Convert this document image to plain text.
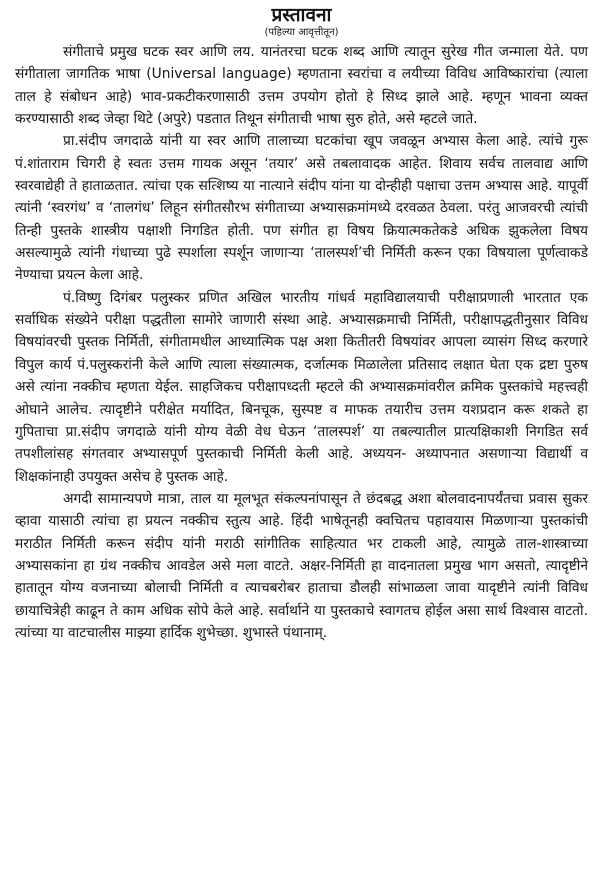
प्रस्तावना
(पहिल्या आवृत्तीतून)

संगीताचे प्रमुख घटक स्वर आणि लय. यानंतरचा घटक शब्द आणि त्यातून सुरेख गीत जन्माला येते. पण संगीताला जागतिक भाषा (Universal language) म्हणताना स्वरांचा व लयीच्या विविध आविष्कारांचा (त्याला ताल हे संबोधन आहे) भाव-प्रकटीकरणासाठी उत्तम उपयोग होतो हे सिध्द झाले आहे. म्हणून भावना व्यक्त करण्यासाठी शब्द जेव्हा थिटे (अपुरे) पडतात तिथून संगीताची भाषा सुरु होते, असे म्हटले जाते.

प्रा.संदीप जगदाळे यांनी या स्वर आणि तालाच्या घटकांचा खूप जवळून अभ्यास केला आहे. त्यांचे गुरू पं.शांताराम चिगरी हे स्वतः उत्तम गायक असून ‘तयार’ असे तबलावादक आहेत. शिवाय सर्वच तालवाद्य आणि स्वरवाद्येही ते हाताळतात. त्यांचा एक सत्शिष्य या नात्याने संदीप यांना या दोन्हीही पक्षाचा उत्तम अभ्यास आहे. यापूर्वी त्यांनी ‘स्वरगंध’ व ‘तालगंध’ लिहून संगीतसौरभ संगीताच्या अभ्यासक्रमांमध्ये दरवळत ठेवला. परंतु आजवरची त्यांची तिन्ही पुस्तके शास्त्रीय पक्षाशी निगडित होती. पण संगीत हा विषय क्रियात्मकतेकडे अधिक झुकलेला विषय असल्यामुळे त्यांनी गंधाच्या पुढे स्पर्शाला स्पर्शून जाणाऱ्या ‘तालस्पर्श’ची निर्मिती करून एका विषयाला पूर्णत्वाकडे नेण्याचा प्रयत्न केला आहे.

पं.विष्णु दिगंबर पलुस्कर प्रणित अखिल भारतीय गांधर्व महाविद्यालयाची परीक्षाप्रणाली भारतात एक सर्वाधिक संख्येने परीक्षा पद्धतीला सामोरे जाणारी संस्था आहे. अभ्यासक्रमाची निर्मिती, परीक्षापद्धतीनुसार विविध विषयांवरची पुस्तक निर्मिती, संगीतामधील आध्यात्मिक पक्ष अशा कितीतरी विषयांवर आपला व्यासंग सिध्द करणारे विपुल कार्य पं.पलुस्करांनी केले आणि त्याला संख्यात्मक, दर्जात्मक मिळालेला प्रतिसाद लक्षात घेता एक द्रष्टा पुरुष असे त्यांना नक्कीच म्हणता येईल. साहजिकच परीक्षापध्दती म्हटले की अभ्यासक्रमांवरील क्रमिक पुस्तकांचे महत्त्वही ओघाने आलेच. त्यादृष्टीने परीक्षेत मर्यादित, बिनचूक, सुस्पष्ट व माफक तयारीच उत्तम यशप्रदान करू शकते हा गुपिताचा प्रा.संदीप जगदाळे यांनी योग्य वेळी वेध घेऊन ‘तालस्पर्श’ या तबल्यातील प्रात्यक्षिकाशी निगडित सर्व तपशीलांसह संगतवार अभ्यासपूर्ण पुस्तकाची निर्मिती केली आहे. अध्ययन- अध्यापनात असणाऱ्या विद्यार्थी व शिक्षकांनाही उपयुक्त असेच हे पुस्तक आहे.

अगदी सामान्यपणे मात्रा, ताल या मूलभूत संकल्पनांपासून ते छंदबद्ध अशा बोलवादनापर्यंतचा प्रवास सुकर व्हावा यासाठी त्यांचा हा प्रयत्न नक्कीच स्तुत्य आहे. हिंदी भाषेतूनही क्वचितच पहावयास मिळणाऱ्या पुस्तकांची मराठीत निर्मिती करून संदीप यांनी मराठी सांगीतिक साहित्यात भर टाकली आहे, त्यामुळे ताल-शास्त्राच्या अभ्यासकांना हा ग्रंथ नक्कीच आवडेल असे मला वाटते. अक्षर-निर्मिती हा वादनातला प्रमुख भाग असतो, त्यादृष्टीने हातातून योग्य वजनाच्या बोलाची निर्मिती व त्याचबरोबर हाताचा डौलही सांभाळला जावा यादृष्टीने त्यांनी विविध छायाचित्रेही काढून ते काम अधिक सोपे केले आहे. सर्वार्थाने या पुस्तकाचे स्वागतच होईल असा सार्थ विश्वास वाटतो. त्यांच्या या वाटचालीस माझ्या हार्दिक शुभेच्छा. शुभास्ते पंथानाम्.
